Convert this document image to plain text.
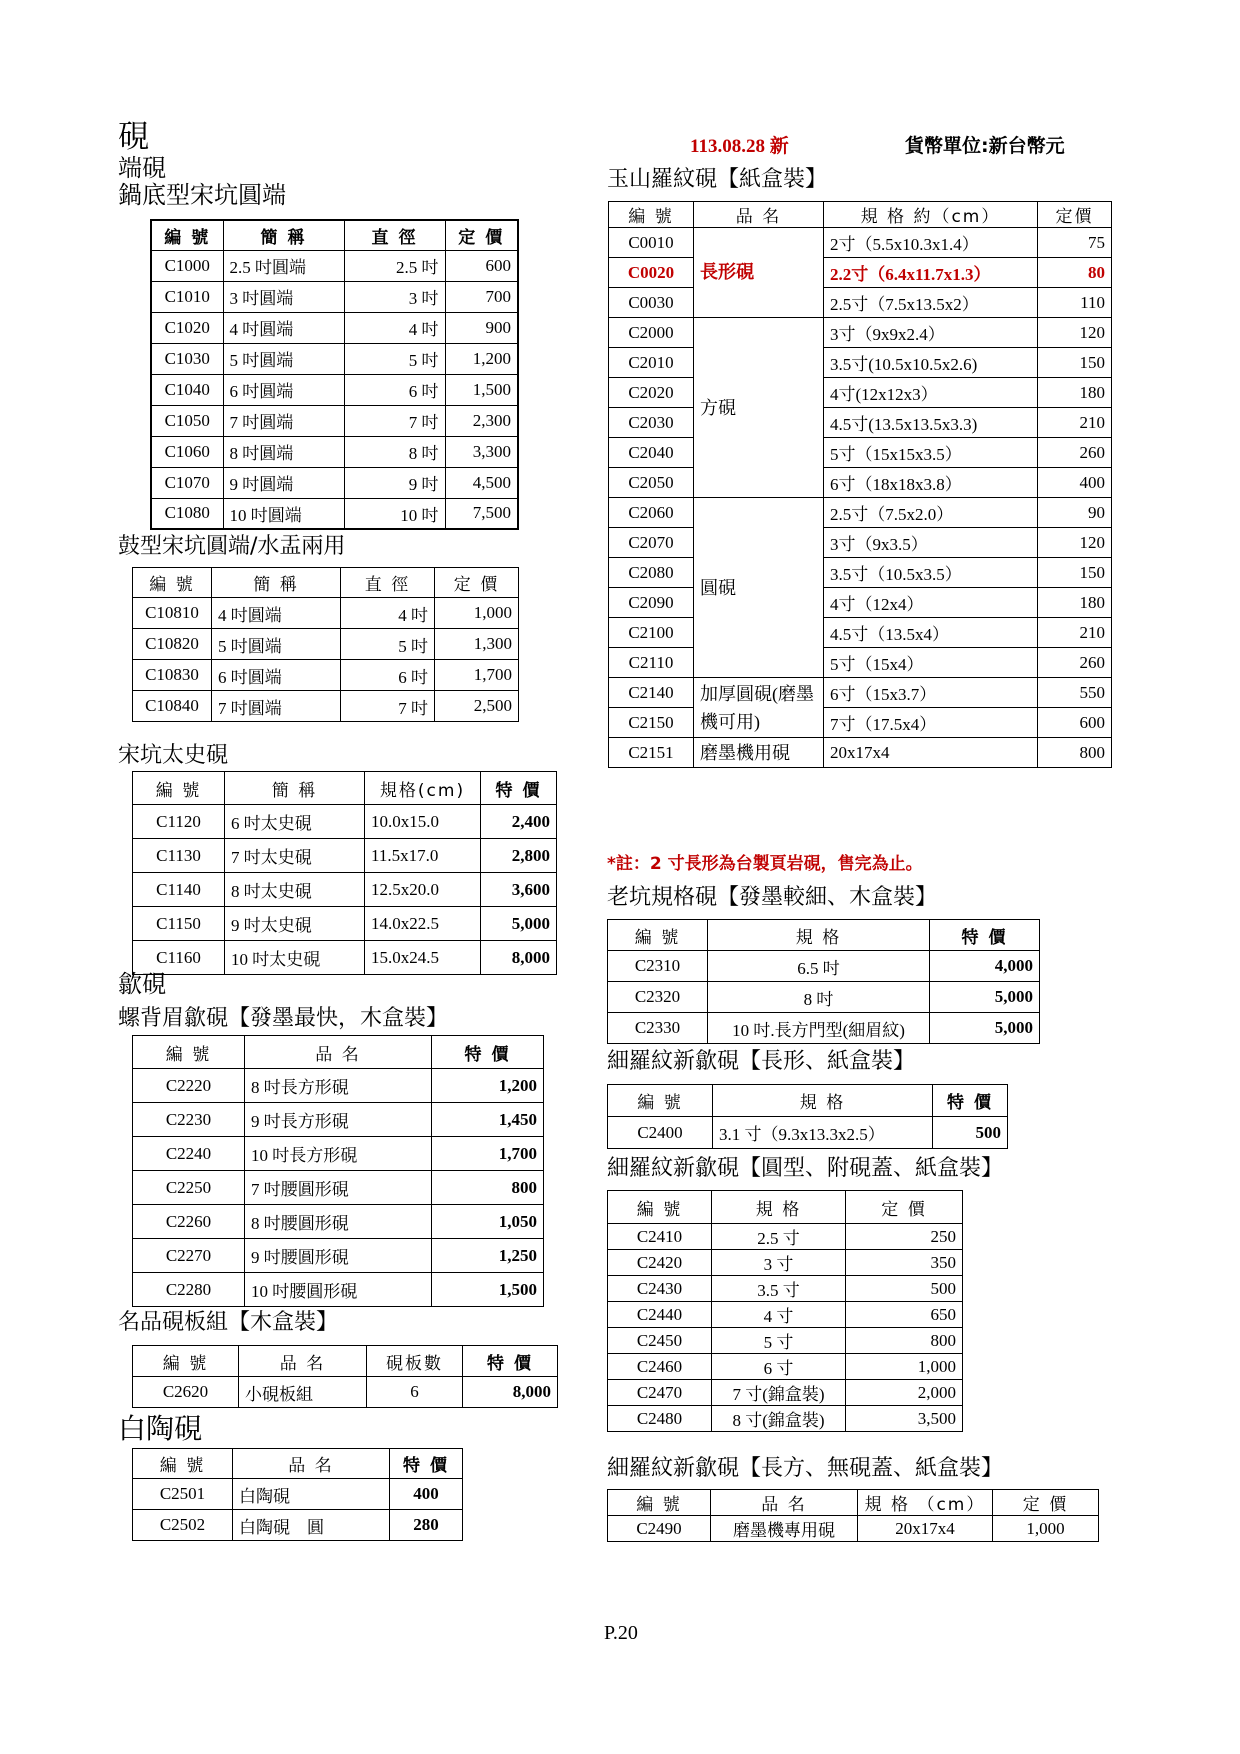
硯
端硯
鍋底型宋坑圓端
113.08.28 新	貨幣單位:新台幣元
編 號	簡 稱	直 徑	定 價
C1000	2.5 吋圓端	2.5 吋	600
C1010	3 吋圓端	3 吋	700
C1020	4 吋圓端	4 吋	900
C1030	5 吋圓端	5 吋	1,200
C1040	6 吋圓端	6 吋	1,500
C1050	7 吋圓端	7 吋	2,300
C1060	8 吋圓端	8 吋	3,300
C1070	9 吋圓端	9 吋	4,500
C1080	10 吋圓端	10 吋	7,500
鼓型宋坑圓端/水盂兩用
編 號	簡 稱	直 徑	定 價
C10810	4 吋圓端	4 吋	1,000
C10820	5 吋圓端	5 吋	1,300
C10830	6 吋圓端	6 吋	1,700
C10840	7 吋圓端	7 吋	2,500
宋坑太史硯
編 號	簡 稱	規格(cm)	特 價
C1120	6 吋太史硯	10.0x15.0	2,400
C1130	7 吋太史硯	11.5x17.0	2,800
C1140	8 吋太史硯	12.5x20.0	3,600
C1150	9 吋太史硯	14.0x22.5	5,000
C1160	10 吋太史硯	15.0x24.5	8,000
歙硯
螺背眉歙硯【發墨最快，木盒裝】
編 號	品 名	特 價
C2220	8 吋長方形硯	1,200
C2230	9 吋長方形硯	1,450
C2240	10 吋長方形硯	1,700
C2250	7 吋腰圓形硯	800
C2260	8 吋腰圓形硯	1,050
C2270	9 吋腰圓形硯	1,250
C2280	10 吋腰圓形硯	1,500
名品硯板組【木盒裝】
編 號	品 名	硯板數	特 價
C2620	小硯板組	6	8,000
白陶硯
編 號	品 名	特 價
C2501	白陶硯	400
C2502	白陶硯　圓	280
玉山羅紋硯【紙盒裝】
編 號	品 名	規 格 約（cm）	定價
C0010	長形硯	2寸（5.5x10.3x1.4）	75
C0020		2.2寸（6.4x11.7x1.3）	80
C0030		2.5寸（7.5x13.5x2）	110
C2000	方硯	3寸（9x9x2.4）	120
C2010		3.5寸(10.5x10.5x2.6)	150
C2020		4寸(12x12x3）	180
C2030		4.5寸(13.5x13.5x3.3)	210
C2040		5寸（15x15x3.5）	260
C2050		6寸（18x18x3.8）	400
C2060	圓硯	2.5寸（7.5x2.0）	90
C2070		3寸（9x3.5）	120
C2080		3.5寸（10.5x3.5）	150
C2090		4寸（12x4）	180
C2100		4.5寸（13.5x4）	210
C2110		5寸（15x4）	260
C2140	加厚圓硯(磨墨機可用)	6寸（15x3.7）	550
C2150		7寸（17.5x4）	600
C2151	磨墨機用硯	20x17x4	800
*註：2 寸長形為台製頁岩硯，售完為止。
老坑規格硯【發墨較細、木盒裝】
編 號	規 格	特 價
C2310	6.5 吋	4,000
C2320	8 吋	5,000
C2330	10 吋.長方門型(細眉紋)	5,000
細羅紋新歙硯【長形、紙盒裝】
編 號	規 格	特 價
C2400	3.1 寸（9.3x13.3x2.5）	500
細羅紋新歙硯【圓型、附硯蓋、紙盒裝】
編 號	規 格	定 價
C2410	2.5 寸	250
C2420	3 寸	350
C2430	3.5 寸	500
C2440	4 寸	650
C2450	5 寸	800
C2460	6 寸	1,000
C2470	7 寸(錦盒裝)	2,000
C2480	8 寸(錦盒裝)	3,500
細羅紋新歙硯【長方、無硯蓋、紙盒裝】
編 號	品 名	規 格 （cm）	定 價
C2490	磨墨機專用硯	20x17x4	1,000
P.20
